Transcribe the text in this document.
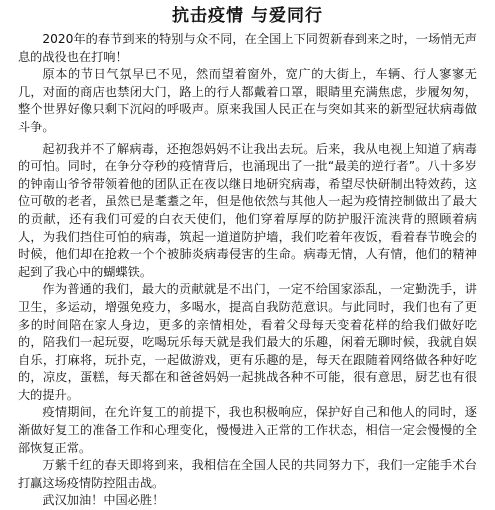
抗击疫情 与爱同行

2020年的春节到来的特别与众不同，在全国上下同贺新春到来之时，一场悄无声息的战役也在打响！

原本的节日气氛早已不见，然而望着窗外，宽广的大街上，车辆、行人寥寥无几，对面的商店也禁闭大门，路上的行人都戴着口罩，眼睛里充满焦虑，步履匆匆，整个世界好像只剩下沉闷的呼吸声。原来我国人民正在与突如其来的新型冠状病毒做斗争。

起初我并不了解病毒，还抱怨妈妈不让我出去玩。后来，我从电视上知道了病毒的可怕。同时，在争分夺秒的疫情背后，也涌现出了一批“最美的逆行者”。八十多岁的钟南山爷爷带领着他的团队正在夜以继日地研究病毒，希望尽快研制出特效药，这位可敬的老者，虽然已是耄耋之年，但是他依然与其他人一起为疫情控制做出了最大的贡献，还有我们可爱的白衣天使们，他们穿着厚厚的防护服汗流浃背的照顾着病人，为我们挡住可怕的病毒，筑起一道道防护墙，我们吃着年夜饭，看着春节晚会的时候，他们却在抢救一个个被肺炎病毒侵害的生命。病毒无情，人有情，他们的精神起到了我心中的蝴蝶铁。

作为普通的我们，最大的贡献就是不出门，一定不给国家添乱，一定勤洗手，讲卫生，多运动，增强免疫力，多喝水，提高自我防范意识。与此同时，我们也有了更多的时间陪在家人身边，更多的亲情相处，看着父母每天变着花样的给我们做好吃的，陪我们一起玩耍，吃喝玩乐每天就是我们最大的乐趣，闲着无聊时候，我就自娱自乐，打麻将，玩扑克，一起做游戏，更有乐趣的是，每天在跟随着网络做各种好吃的，凉皮，蛋糕，每天都在和爸爸妈妈一起挑战各种不可能，很有意思，厨艺也有很大的提升。

疫情期间，在允许复工的前提下，我也积极响应，保护好自己和他人的同时，逐渐做好复工的准备工作和心理变化，慢慢进入正常的工作状态，相信一定会慢慢的全部恢复正常。

万紫千红的春天即将到来，我相信在全国人民的共同努力下，我们一定能手术台打赢这场疫情防控阻击战。

武汉加油！中国必胜！
